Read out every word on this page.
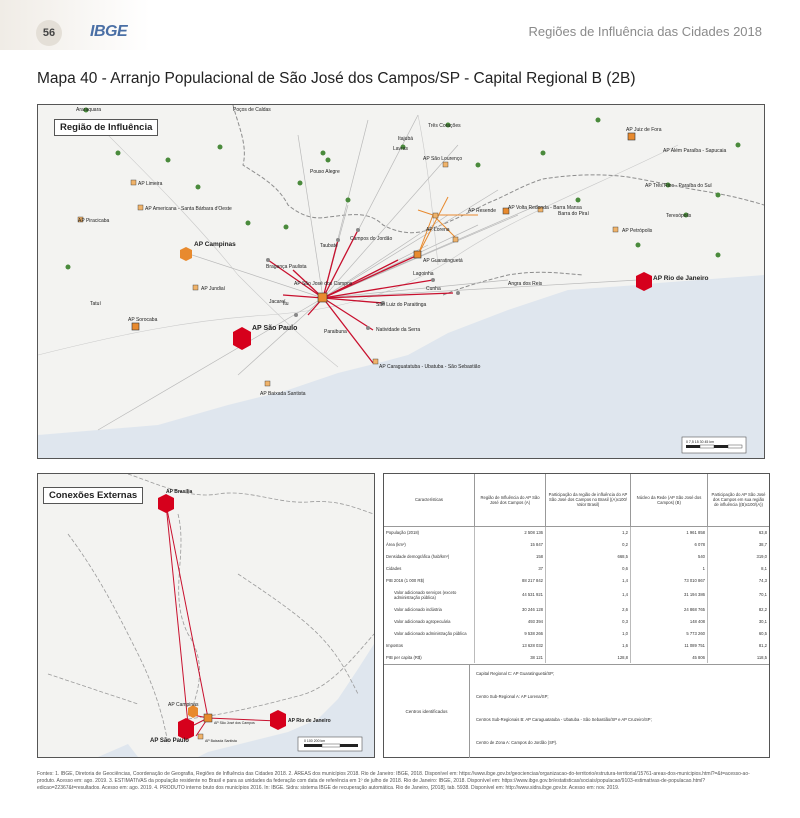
56	IBGE	Regiões de Influência das Cidades 2018
Mapa 40 - Arranjo Populacional de São José dos Campos/SP - Capital Regional B (2B)
AP Campinas
AP São Paulo
AP Rio de Janeiro
AP São José dos Campos
AP Juiz de Fora
AP Guaratinguetá
AP Caraguatatuba - Ubatuba - São Sebastião
AP Sorocaba
AP Jundiaí
AP Limeira
AP Piracicaba
AP Americana - Santa Bárbara d'Oeste	AP Volta Redonda - Barra Mansa
AP Resende
AP Lorena	AP Petrópolis
AP Baixada Santista
Pouso Alegre
Campos do Jordão
Taubaté
Jacareí
Cunha
Paraibuna	Natividade da Serra
São Luiz do Paraitinga
Lagoinha
Angra dos Reis
Três Corações
Lavras
AP São Lourenço
AP Além Paraíba - Sapucaia
AP Três Rios - Paraíba do Sul
Teresópolis
Barra do Piraí
Itajubá
Poços de Caldas
Araraquara
Tatuí
Bragança Paulista
Itu
0 7,5 15 30 45 km
Região de Influência
AP Brasília
AP Campinas
AP São Paulo
AP Rio de Janeiro
AP São José dos Campos
AP Baixada Santista	0 100 200 km
Conexões Externas	Características	Região de Influência do AP São José dos Campos (A)	Participação da região de influência do AP São José dos Campos no Brasil ((A)x100/ Valor Brasil)	Núcleo da Rede (AP São José dos Campos) (B)	Participação do AP São José dos Campos em sua região de influência ((B)x100/(A))
População (2018)	2 508 136	1,2	1 961 858	63,8
Área (km²)	15 847	0,2	6 078	38,7
Densidade demográfica (hab/km²)	158	668,5	540	319,0
Cidades	37	0,6	1	8,1
PIB 2016 (1 000 R$)	88 217 842	1,4	73 010 867	74,3
Valor adicionado serviços (exceto administração pública)	44 531 921	1,4	31 194 386	70,1
Valor adicionado indústria	30 246 128	2,6	24 868 765	82,2
Valor adicionado agropecuária	493 394	0,3	148 408	30,1
Valor adicionado administração pública	9 538 266	1,0	5 773 260	60,5
Impostos	13 628 032	1,6	11 089 751	81,2
PIB per capita (R$)	38 121	128,8	45 806	118,5
Centros identificados
Capital Regional C: AP Guaratinguetá/SP;
Centro Sub-Regional A: AP Lorena/SP;
Centros Sub-Regionais B: AP Caraguatatuba - Ubatuba - São Sebastião/SP e AP Cruzeiro/SP;
Centro de Zona A: Campos do Jordão (SP).
Fontes: 1. IBGE, Diretoria de Geociências, Coordenação de Geografia, Regiões de Influência das Cidades 2018. 2. ÁREAS dos municípios 2018. Rio de Janeiro: IBGE, 2018. Disponível em: https://www.ibge.gov.br/geociencias/organizacao-do-territorio/estrutura-territorial/15761-areas-dos-municipios.html?=&t=acesso-ao-produto. Acesso em: ago. 2019. 3. ESTIMATIVAS da população residente no Brasil e para as unidades da federação com data de referência em 1º de julho de 2018. Rio de Janeiro: IBGE, 2018. Disponível em: https://www.ibge.gov.br/estatisticas/sociais/populacao/9103-estimativas-de-populacao.html?edicao=22367&t=resultados. Acesso em: ago. 2019. 4. PRODUTO interno bruto dos municípios 2016. In: IBGE. Sidra: sistema IBGE de recuperação automática. Rio de Janeiro, [2018]. tab. 5938. Disponível em: http://www.sidra.ibge.gov.br. Acesso em: nov. 2019.
